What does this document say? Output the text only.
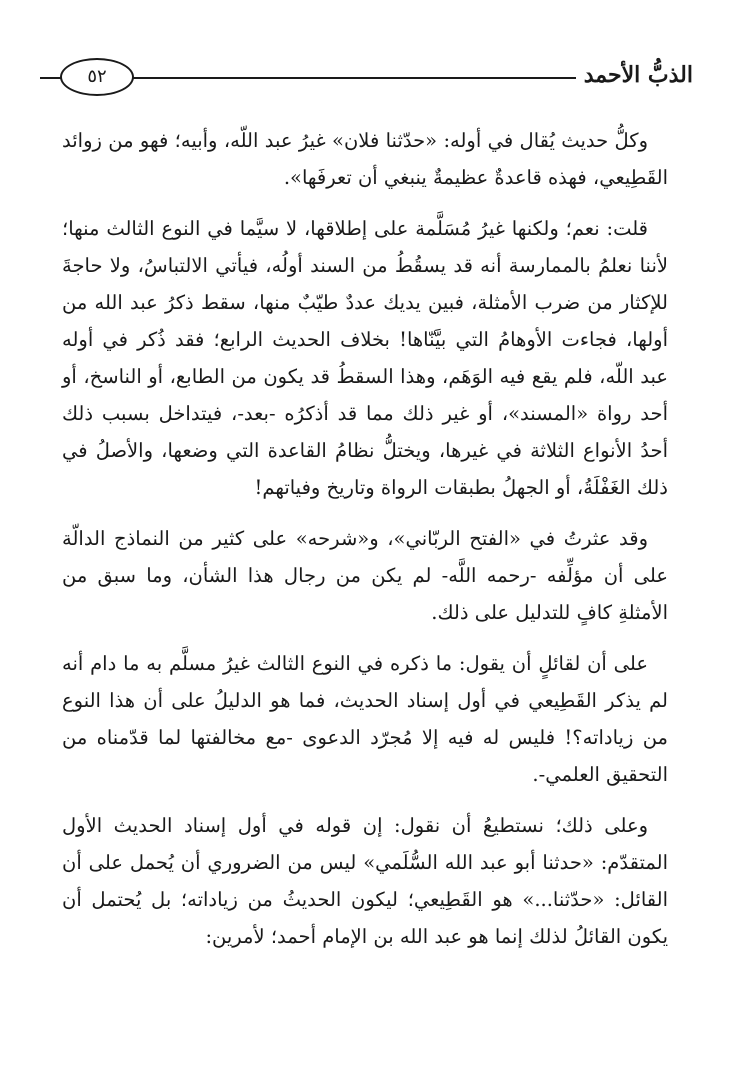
الذبُّ الأحمد
٥٢

وكلُّ حديث يُقال في أوله: «حدّثنا فلان» غيرُ عبد اللّه، وأبيه؛ فهو من زوائد القَطِيعي، فهذه قاعدةٌ عظيمةٌ ينبغي أن تعرفَها».

قلت: نعم؛ ولكنها غيرُ مُسَلَّمة على إطلاقها، لا سيَّما في النوع الثالث منها؛ لأننا نعلمُ بالممارسة أنه قد يسقُطُ من السند أولُه، فيأتي الالتباسُ، ولا حاجةَ للإكثار من ضرب الأمثلة، فبين يديك عددٌ طيّبٌ منها، سقط ذكرُ عبد الله من أولها، فجاءت الأوهامُ التي بيَّنّاها! بخلاف الحديث الرابع؛ فقد ذُكر في أوله عبد اللّه، فلم يقع فيه الوَهَم، وهذا السقطُ قد يكون من الطابع، أو الناسخ، أو أحد رواة «المسند»، أو غير ذلك مما قد أذكرُه -بعد-، فيتداخل بسبب ذلك أحدُ الأنواع الثلاثة في غيرها، ويختلُّ نظامُ القاعدة التي وضعها، والأصلُ في ذلك الغَفْلَةُ، أو الجهلُ بطبقات الرواة وتاريخ وفياتهم!

وقد عثرتُ في «الفتح الربّاني»، و«شرحه» على كثير من النماذج الدالّة على أن مؤلِّفه -رحمه اللَّه- لم يكن من رجال هذا الشأن، وما سبق من الأمثلةِ كافٍ للتدليل على ذلك.

على أن لقائلٍ أن يقول: ما ذكره في النوع الثالث غيرُ مسلَّم به ما دام أنه لم يذكر القَطِيعي في أول إسناد الحديث، فما هو الدليلُ على أن هذا النوع من زياداته؟! فليس له فيه إلا مُجرّد الدعوى -مع مخالفتها لما قدّمناه من التحقيق العلمي-.

وعلى ذلك؛ نستطيعُ أن نقول: إن قوله في أول إسناد الحديث الأول المتقدّم: «حدثنا أبو عبد الله السُّلَمي» ليس من الضروري أن يُحمل على أن القائل: «حدّثنا...» هو القَطِيعي؛ ليكون الحديثُ من زياداته؛ بل يُحتمل أن يكون القائلُ لذلك إنما هو عبد الله بن الإمام أحمد؛ لأمرين:
